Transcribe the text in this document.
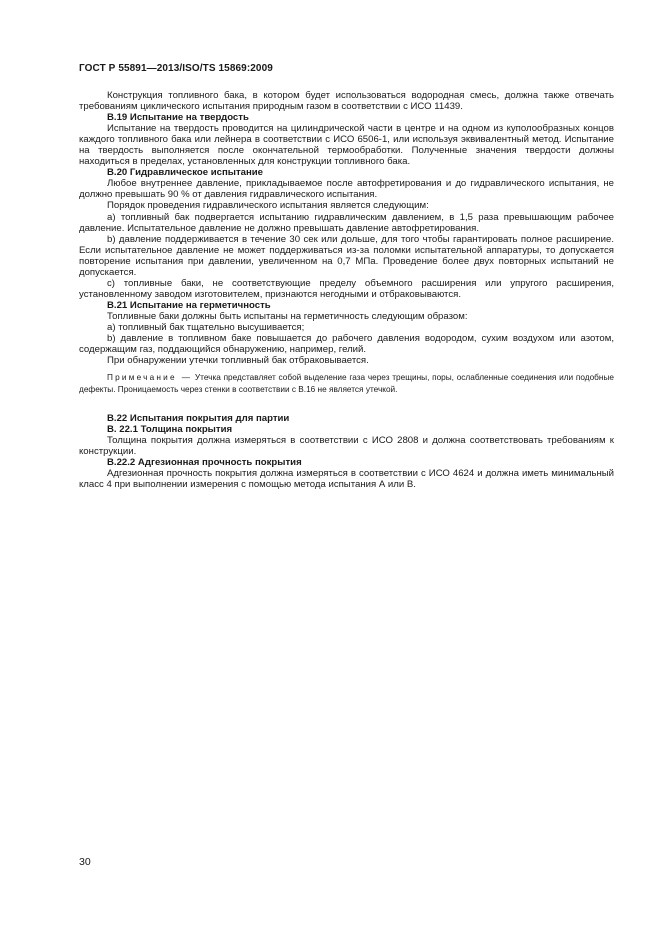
ГОСТ Р 55891—2013/ISO/TS 15869:2009

Конструкция топливного бака, в котором будет использоваться водородная смесь, должна также отвечать требованиям циклического испытания природным газом в соответствии с ИСО 11439.

В.19 Испытание на твердость

Испытание на твердость проводится на цилиндрической части в центре и на одном из куполообразных концов каждого топливного бака или лейнера в соответствии с ИСО 6506-1, или используя эквивалентный метод. Испытание на твердость выполняется после окончательной термообработки. Полученные значения твердости должны находиться в пределах, установленных для конструкции топливного бака.

В.20 Гидравлическое испытание

Любое внутреннее давление, прикладываемое после автофретирования и до гидравлического испытания, не должно превышать 90 % от давления гидравлического испытания.

Порядок проведения гидравлического испытания является следующим:

а) топливный бак подвергается испытанию гидравлическим давлением, в 1,5 раза превышающим рабочее давление. Испытательное давление не должно превышать давление автофретирования.

b) давление поддерживается в течение 30 сек или дольше, для того чтобы гарантировать полное расширение. Если испытательное давление не может поддерживаться из-за поломки испытательной аппаратуры, то допускается повторение испытания при давлении, увеличенном на 0,7 МПа. Проведение более двух повторных испытаний не допускается.

с) топливные баки, не соответствующие пределу объемного расширения или упругого расширения, установленному заводом изготовителем, признаются негодными и отбраковываются.

В.21 Испытание на герметичность

Топливные баки должны быть испытаны на герметичность следующим образом:

а) топливный бак тщательно высушивается;

b) давление в топливном баке повышается до рабочего давления водородом, сухим воздухом или азотом, содержащим газ, поддающийся обнаружению, например, гелий.

При обнаружении утечки топливный бак отбраковывается.

Примечание — Утечка представляет собой выделение газа через трещины, поры, ослабленные соединения или подобные дефекты. Проницаемость через стенки в соответствии с В.16 не является утечкой.

В.22 Испытания покрытия для партии

В. 22.1 Толщина покрытия

Толщина покрытия должна измеряться в соответствии с ИСО 2808 и должна соответствовать требованиям к конструкции.

В.22.2 Адгезионная прочность покрытия

Адгезионная прочность покрытия должна измеряться в соответствии с ИСО 4624 и должна иметь минимальный класс 4 при выполнении измерения с помощью метода испытания А или В.

30
